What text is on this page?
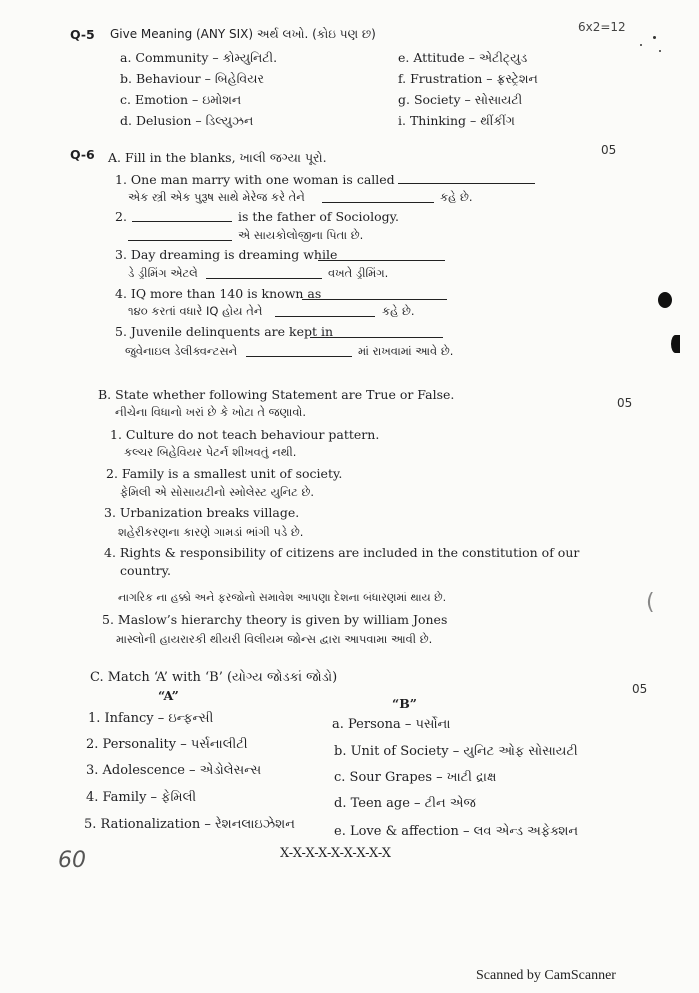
Q-5 Give Meaning (ANY SIX) અર્થ લખો. (કોઇ પણ છ)	6x2=12
a. Community – કોમ્યુનિટી.
b. Behaviour – બિહેવિયર
c. Emotion – ઇમોશન
d. Delusion – ડિલ્યુઝન
e. Attitude – એટીટ્યુડ
f. Frustration – ફ્રસ્ટ્રેશન
g. Society – સોસાયટી
i. Thinking – થીંકીંગ
Q-6 A. Fill in the blanks, ખાલી જગ્યા પૂરો.	05
1. One man marry with one woman is called
એક સ્ત્રી એક પુરૂષ સાથે મેરેજ કરે તેને	કહે છે.
2.	is the father of Sociology.
એ સાયકોલોજીના પિતા છે.
3. Day dreaming is dreaming while
ડે ડ્રીમિંગ એટલે	વખતે ડ્રીમિંગ.
4. IQ more than 140 is known as
૧૪૦ કરતાં વધારે IQ હોય તેને	કહે છે.
5. Juvenile delinquents are kept in
જુવેનાઇલ ડેલીક્વન્ટસને	માં રાખવામાં આવે છે.
B. State whether following Statement are True or False.
નીચેના વિધાનો ખરાં છે કે ખોટા તે જણાવો.
05
1. Culture do not teach behaviour pattern.
કલ્ચર બિહેવિયર પેટર્ન શીખવતું નથી.
2. Family is a smallest unit of society.
ફેમિલી એ સોસાયટીનો સ્મોલેસ્ટ યુનિટ છે.
3. Urbanization breaks village.
શહેરીકરણના કારણે ગામડાં ભાંગી પડે છે.
4. Rights & responsibility of citizens are included in the constitution of our
country.
નાગરિક ના હક્કો અને ફરજોનો સમાવેશ આપણા દેશના બંધારણમાં થાય છે.
5. Maslow’s hierarchy theory is given by william Jones
માસ્લોની હાયરારકી થીયરી વિલીયમ જોન્સ દ્વારા આપવામા આવી છે.
C. Match ‘A’ with ‘B’ (યોગ્ય જોડકાં જોડો)
05
“A”
“B”
1. Infancy – ઇન્ફન્સી
2. Personality – પર્સનાલીટી
3. Adolescence – એડોલેસન્સ
4. Family – ફેમિલી
5. Rationalization – રેશનલાઇઝેશન
a. Persona – પર્સોના
b. Unit of Society – યુનિટ ઓફ સોસાયટી
c. Sour Grapes – ખાટી દ્રાક્ષ
d. Teen age – ટીન એજ
e. Love & affection – લવ એન્ડ અફેક્શન
X-X-X-X-X-X-X-X-X
60
(
Scanned by CamScanner
